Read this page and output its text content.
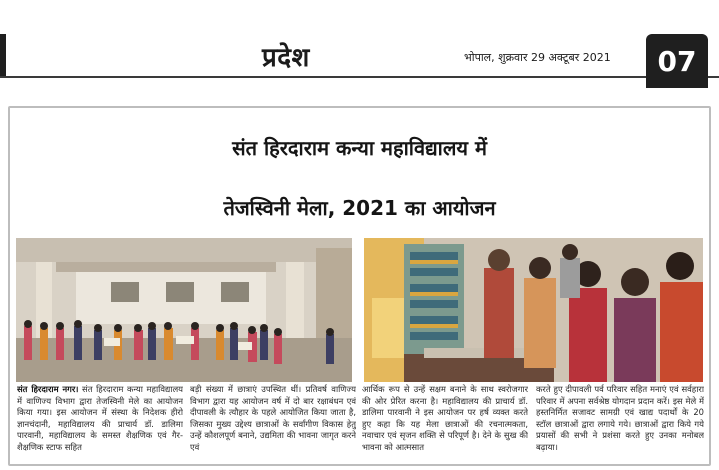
प्रदेश	भोपाल, शुक्रवार 29 अक्टूबर 2021	07
संत हिरदाराम कन्या महाविद्यालय में
तेजस्विनी मेला, 2021 का आयोजन
संत हिरदाराम नगर। संत हिरदाराम कन्या महाविद्यालय में वाणिज्य विभाग द्वारा तेजस्विनी मेले का आयोजन किया गया। इस आयोजन में संस्था के निदेशक हीरो ज्ञानचंदानी, महाविद्यालय की प्राचार्य डॉ. डालिमा पारवानी, महाविद्यालय के समस्त शैक्षणिक एवं गैर-शैक्षणिक स्टाफ सहित
बड़ी संख्या में छात्राएं उपस्थित थीं। प्रतिवर्ष वाणिज्य विभाग द्वारा यह आयोजन वर्ष में दो बार रक्षाबंधन एवं दीपावली के त्यौहार के पहले आयोजित किया जाता है, जिसका मुख्य उद्देश्य छात्राओं के सर्वांगीण विकास हेतु उन्हें कौशलपूर्ण बनाने, उद्यमिता की भावना जागृत करने एवं
आर्थिक रूप से उन्हें सक्षम बनाने के साथ स्वरोजगार की ओर प्रेरित करना है। महाविद्यालय की प्राचार्य डॉ. डालिमा पारवानी ने इस आयोजन पर हर्ष व्यक्त करते हुए कहा कि यह मेला छात्राओं की रचनात्मकता, नवाचार एवं सृजन शक्ति से परिपूर्ण है। देने के सुख की भावना को आत्मसात
करते हुए दीपावली पर्व परिवार सहित मनाएं एवं सर्वहारा परिवार में अपना सर्वश्रेष्ठ योगदान प्रदान करें। इस मेले में हस्तनिर्मित सजावट सामग्री एवं खाद्य पदार्थों के 20 स्टॉल छात्राओं द्वारा लगाये गये। छात्राओं द्वारा किये गये प्रयासों की सभी ने प्रशंसा करते हुए उनका मनोबल बढ़ाया।
